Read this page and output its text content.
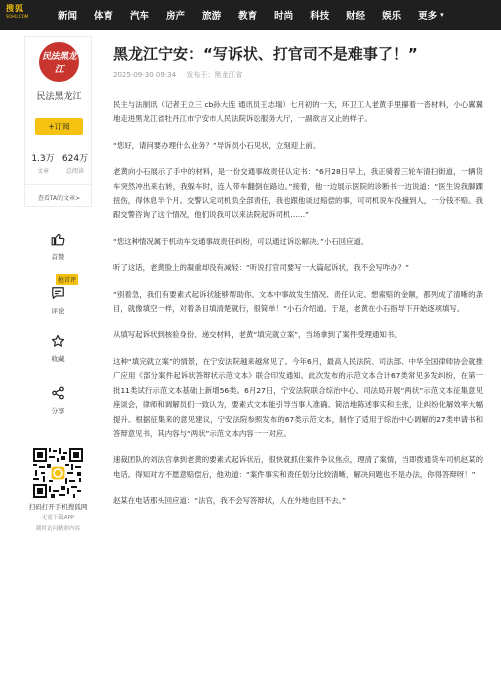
搜狐
SOHU.COM	新闻 体育 汽车 房产 旅游 教育 时尚 科技 财经 娱乐 更多 ▾
民法黑龙江
民法黑龙江
+订阅
1.3万
文章
624万
总阅读
查看TA的文章>
首赞
抢首评
评论
收藏
分享
扫码打开手机搜狐网
无需下载APP
随时访问精彩内容
黑龙江宁安：“写诉状、打官司不是难事了！”
2025-09-30 09:34 发布于：黑龙江省

民主与法制讯（记者王立三 cb孙大连 通讯员王志瑞）七月初的一天，环卫工人老黄手里攥着一沓材料，小心翼翼地走进黑龙江省牡丹江市宁安市人民法院诉讼服务大厅，一副欲言又止的样子。

“您好，请问要办理什么业务？”导诉员小石见状，立刻迎上前。

老黄向小石展示了手中的材料，是一份交通事故责任认定书：“6月28日早上，我正骑着三轮车清扫街道，一辆货车突然冲出来右转，我躲车时，连人带车翻倒在路边。”接着，他一边展示医院的诊断书一边说道：“医生说我脚踝扭伤，得休息半个月。交警认定司机负全部责任，我也跟他谈过赔偿的事，可司机说车没撞到人，一分钱不赔。我跟交警咨询了这个情况，他们说我可以来法院起诉司机……”

“您这种情况属于机动车交通事故责任纠纷，可以通过诉讼解决。”小石回应道。

听了这话，老黄脸上的凝重却没有减轻：“听说打官司要写一大篇起诉状，我不会写咋办？”

“别着急，我们有要素式起诉状能够帮助你。文本中事故发生情况、责任认定、想索赔的金额，都列成了清晰的条目，就像填空一样，对着条目填清楚就行，很简单！”小石介绍道。于是，老黄在小石指导下开始逐项填写。

从填写起诉状到核验身份、递交材料，老黄“填完就立案”，当场拿到了案件受理通知书。

这种“填完就立案”的情景，在宁安法院越来越常见了。今年6月，最高人民法院、司法部、中华全国律师协会就推广应用《部分案件起诉状答辩状示范文本》联合印发通知。此次发布的示范文本合计67类常见多发纠纷，在第一批11类试行示范文本基础上新增56类。6月27日，宁安法院联合综治中心、司法局开展“两状”示范文本征集意见座谈会，律师和调解员们一致认为，要素式文本能引导当事人准确、简洁地陈述事实和主张，让纠纷化解效率大幅提升。根据征集来的意见建议，宁安法院参照发布的67类示范文本，制作了适用于综治中心调解的27类申请书和答辩意见书，其内容与“两状”示范文本内容一一对应。

速裁团队的刘法官拿到老黄的要素式起诉状后，很快就抓住案件争议焦点，理清了案情，当即拨通货车司机赵某的电话。得知对方不愿意赔偿后，他劝道：“案件事实和责任划分比较清晰，解决问题也不是办法，你得答辩呀！”

赵某在电话那头回应道：“法官，我不会写答辩状，人在外地也回不去。”
